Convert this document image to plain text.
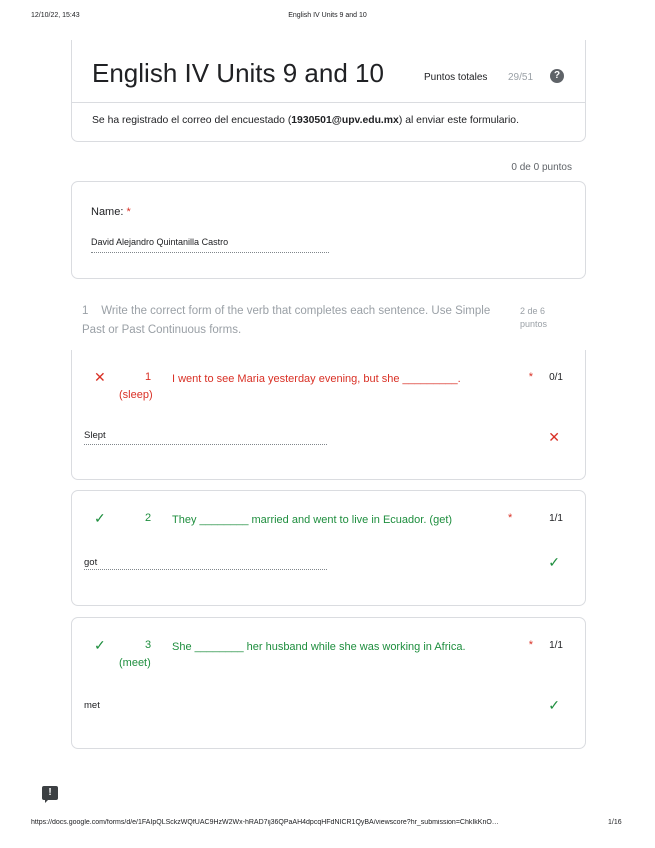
12/10/22, 15:43	English IV Units 9 and 10
English IV Units 9 and 10	Puntos totales 29/51	?
Se ha registrado el correo del encuestado (1930501@upv.edu.mx) al enviar este formulario.
0 de 0 puntos
Name: *
David Alejandro Quintanilla Castro
1 Write the correct form of the verb that completes each sentence. Use Simple Past or Past Continuous forms.
2 de 6
puntos
✕	1 I went to see Maria yesterday evening, but she _________.
(sleep)
* 0/1
Slept	✕
✓	2 They ________ married and went to live in Ecuador. (get)	*	1/1
got	✓
✓	3 She ________ her husband while she was working in Africa.
(meet)
* 1/1
met	✓
!
https://docs.google.com/forms/d/e/1FAIpQLSckzWQfUAC9HzW2Wx-hRAD7ij36QPaAH4dpcqHFdNICR1QyBA/viewscore?hr_submission=ChkIkKnO…	1/16
